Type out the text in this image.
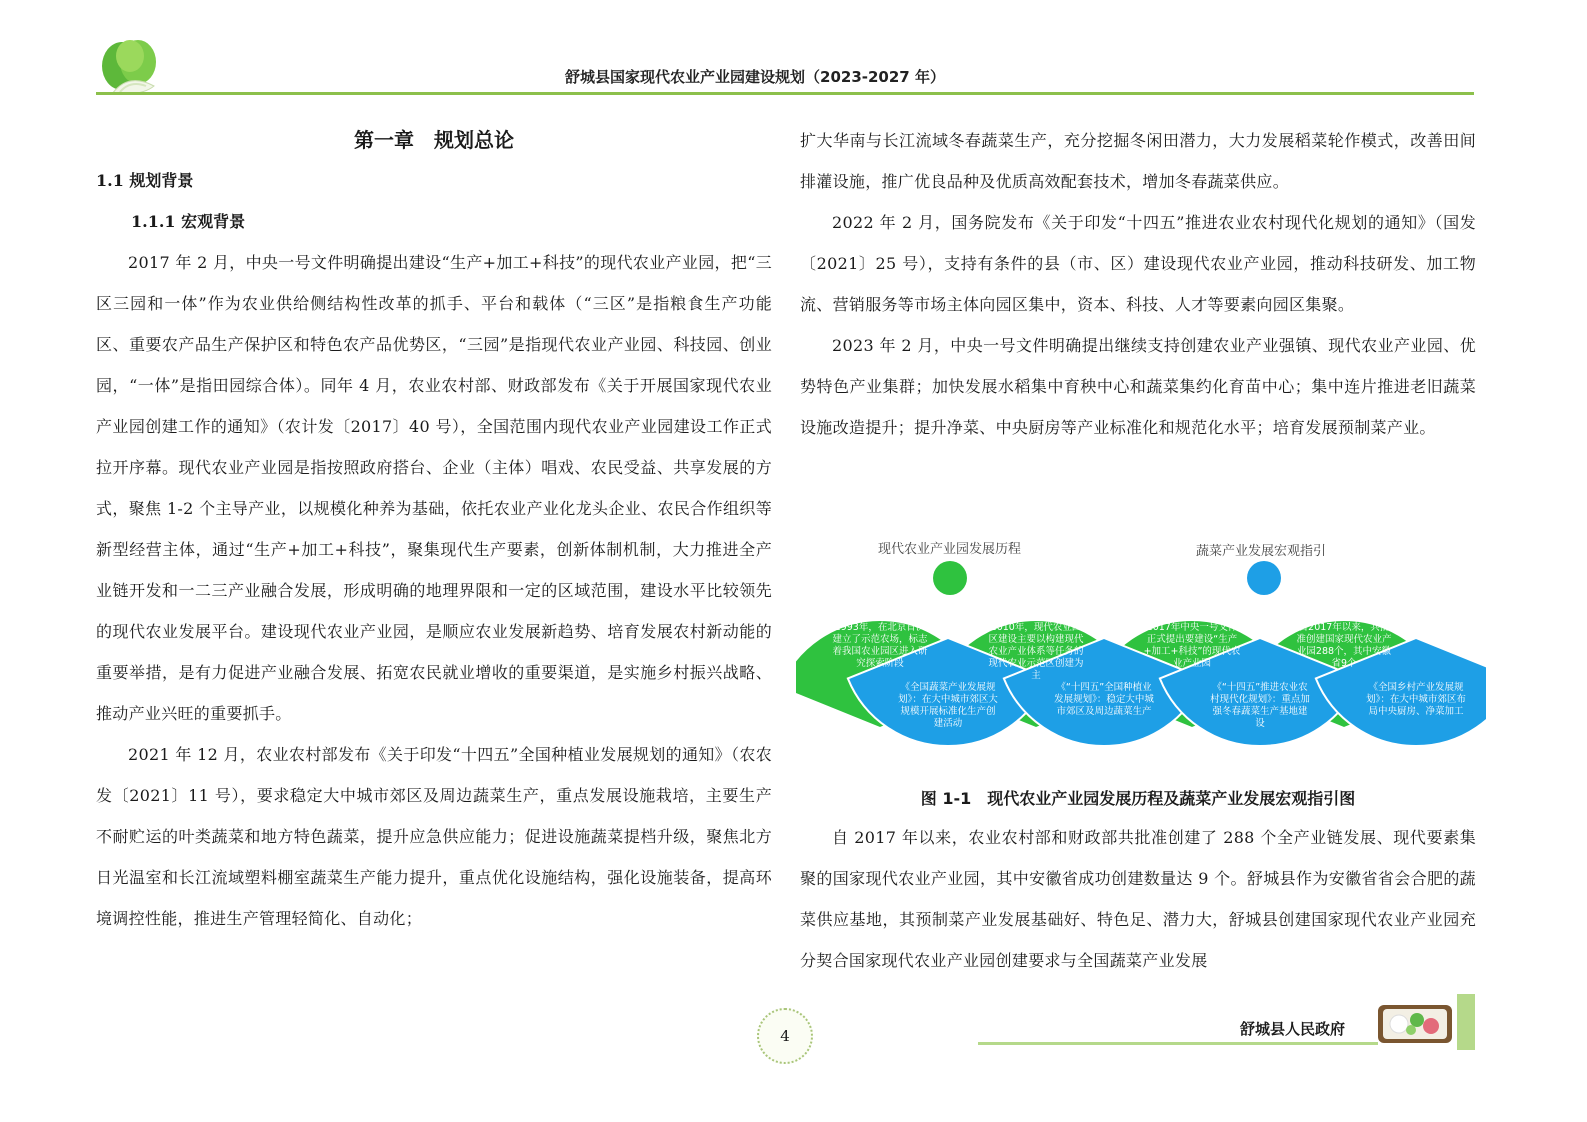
舒城县国家现代农业产业园建设规划（2023-2027 年）
第一章　规划总论

1.1 规划背景

1.1.1 宏观背景

2017 年 2 月，中央一号文件明确提出建设“生产+加工+科技”的现代农业产业园，把“三区三园和一体”作为农业供给侧结构性改革的抓手、平台和载体（“三区”是指粮食生产功能区、重要农产品生产保护区和特色农产品优势区，“三园”是指现代农业产业园、科技园、创业园，“一体”是指田园综合体）。同年 4 月，农业农村部、财政部发布《关于开展国家现代农业产业园创建工作的通知》（农计发〔2017〕40 号），全国范围内现代农业产业园建设工作正式拉开序幕。现代农业产业园是指按照政府搭台、企业（主体）唱戏、农民受益、共享发展的方式，聚焦 1-2 个主导产业，以规模化种养为基础，依托农业产业化龙头企业、农民合作组织等新型经营主体，通过“生产+加工+科技”，聚集现代生产要素，创新体制机制，大力推进全产业链开发和一二三产业融合发展，形成明确的地理界限和一定的区域范围，建设水平比较领先的现代农业发展平台。建设现代农业产业园，是顺应农业发展新趋势、培育发展农村新动能的重要举措，是有力促进产业融合发展、拓宽农民就业增收的重要渠道，是实施乡村振兴战略、推动产业兴旺的重要抓手。

2021 年 12 月，农业农村部发布《关于印发“十四五”全国种植业发展规划的通知》（农农发〔2021〕11 号），要求稳定大中城市郊区及周边蔬菜生产，重点发展设施栽培，主要生产不耐贮运的叶类蔬菜和地方特色蔬菜，提升应急供应能力；促进设施蔬菜提档升级，聚焦北方日光温室和长江流域塑料棚室蔬菜生产能力提升，重点优化设施结构，强化设施装备，提高环境调控性能，推进生产管理轻简化、自动化；

扩大华南与长江流域冬春蔬菜生产，充分挖掘冬闲田潜力，大力发展稻菜轮作模式，改善田间排灌设施，推广优良品种及优质高效配套技术，增加冬春蔬菜供应。

2022 年 2 月，国务院发布《关于印发“十四五”推进农业农村现代化规划的通知》（国发〔2021〕25 号），支持有条件的县（市、区）建设现代农业产业园，推动科技研发、加工物流、营销服务等市场主体向园区集中，资本、科技、人才等要素向园区集聚。

2023 年 2 月，中央一号文件明确提出继续支持创建农业产业强镇、现代农业产业园、优势特色产业集群；加快发展水稻集中育秧中心和蔬菜集约化育苗中心；集中连片推进老旧蔬菜设施改造提升；提升净菜、中央厨房等产业标准化和规范化水平；培育发展预制菜产业。

现代农业产业园发展历程	蔬菜产业发展宏观指引
1993年，在北京首次建立了示范农场，标志着我国农业园区进入研究探索阶段
2010年，现代农业园区建设主要以构建现代农业产业体系等任务的现代农业示范区创建为主
2017年中央一号文件正式提出要建设“生产+加工+科技”的现代农业产业园
自2017年以来，共批准创建国家现代农业产业园288个，其中安徽省9个
《全国蔬菜产业发展规划》：在大中城市郊区大规模开展标准化生产创建活动
《“十四五”全国种植业发展规划》：稳定大中城市郊区及周边蔬菜生产
《“十四五”推进农业农村现代化规划》：重点加强冬春蔬菜生产基地建设
《全国乡村产业发展规划》：在大中城市郊区布局中央厨房、净菜加工
图 1-1　现代农业产业园发展历程及蔬菜产业发展宏观指引图

自 2017 年以来，农业农村部和财政部共批准创建了 288 个全产业链发展、现代要素集聚的国家现代农业产业园，其中安徽省成功创建数量达 9 个。舒城县作为安徽省省会合肥的蔬菜供应基地，其预制菜产业发展基础好、特色足、潜力大，舒城县创建国家现代农业产业园充分契合国家现代农业产业园创建要求与全国蔬菜产业发展

4	舒城县人民政府
